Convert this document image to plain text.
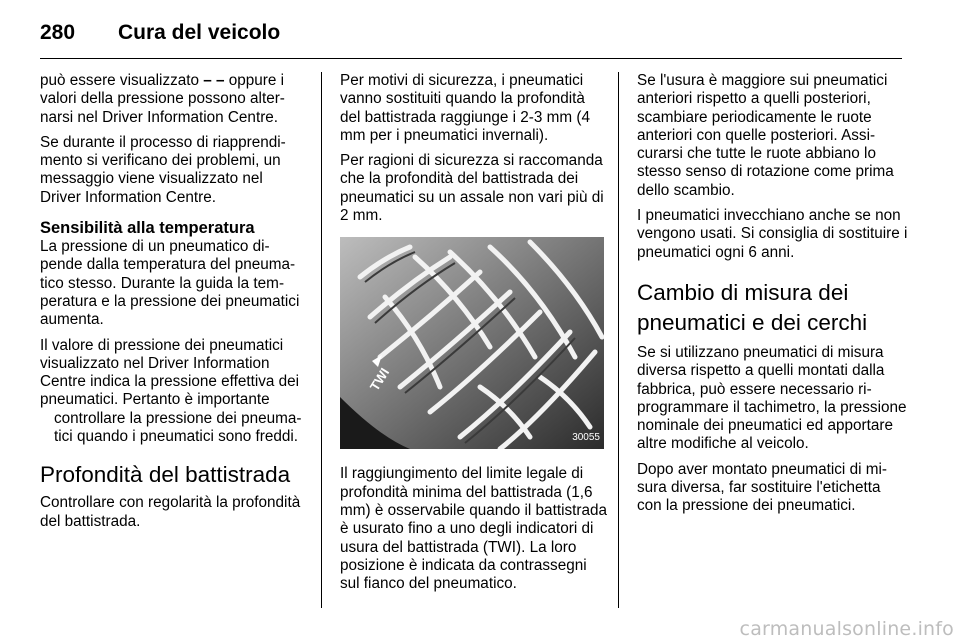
280	Cura del veicolo

può essere visualizzato – – oppure i valori della pressione possono alternarsi nel Driver Information Centre.

Se durante il processo di riapprendimento si verificano dei problemi, un messaggio viene visualizzato nel Driver Information Centre.

Sensibilità alla temperatura

La pressione di un pneumatico dipende dalla temperatura del pneumatico stesso. Durante la guida la temperatura e la pressione dei pneumatici aumenta.

Il valore di pressione dei pneumatici visualizzato nel Driver Information Centre indica la pressione effettiva dei pneumatici. Pertanto è importante

controllare la pressione dei pneumatici quando i pneumatici sono freddi.

Profondità del battistrada

Controllare con regolarità la profondità del battistrada.

Per motivi di sicurezza, i pneumatici vanno sostituiti quando la profondità del battistrada raggiunge i 2-3 mm (4 mm per i pneumatici invernali).

Per ragioni di sicurezza si raccomanda che la profondità del battistrada dei pneumatici su un assale non vari più di 2 mm.

TWI
30055

Il raggiungimento del limite legale di profondità minima del battistrada (1,6 mm) è osservabile quando il battistrada è usurato fino a uno degli indicatori di usura del battistrada (TWI). La loro posizione è indicata da contrassegni sul fianco del pneumatico.

Se l'usura è maggiore sui pneumatici anteriori rispetto a quelli posteriori, scambiare periodicamente le ruote anteriori con quelle posteriori. Assicurarsi che tutte le ruote abbiano lo stesso senso di rotazione come prima dello scambio.

I pneumatici invecchiano anche se non vengono usati. Si consiglia di sostituire i pneumatici ogni 6 anni.

Cambio di misura dei pneumatici e dei cerchi

Se si utilizzano pneumatici di misura diversa rispetto a quelli montati dalla fabbrica, può essere necessario riprogrammare il tachimetro, la pressione nominale dei pneumatici ed apportare altre modifiche al veicolo.

Dopo aver montato pneumatici di misura diversa, far sostituire l'etichetta con la pressione dei pneumatici.

carmanualsonline.info
